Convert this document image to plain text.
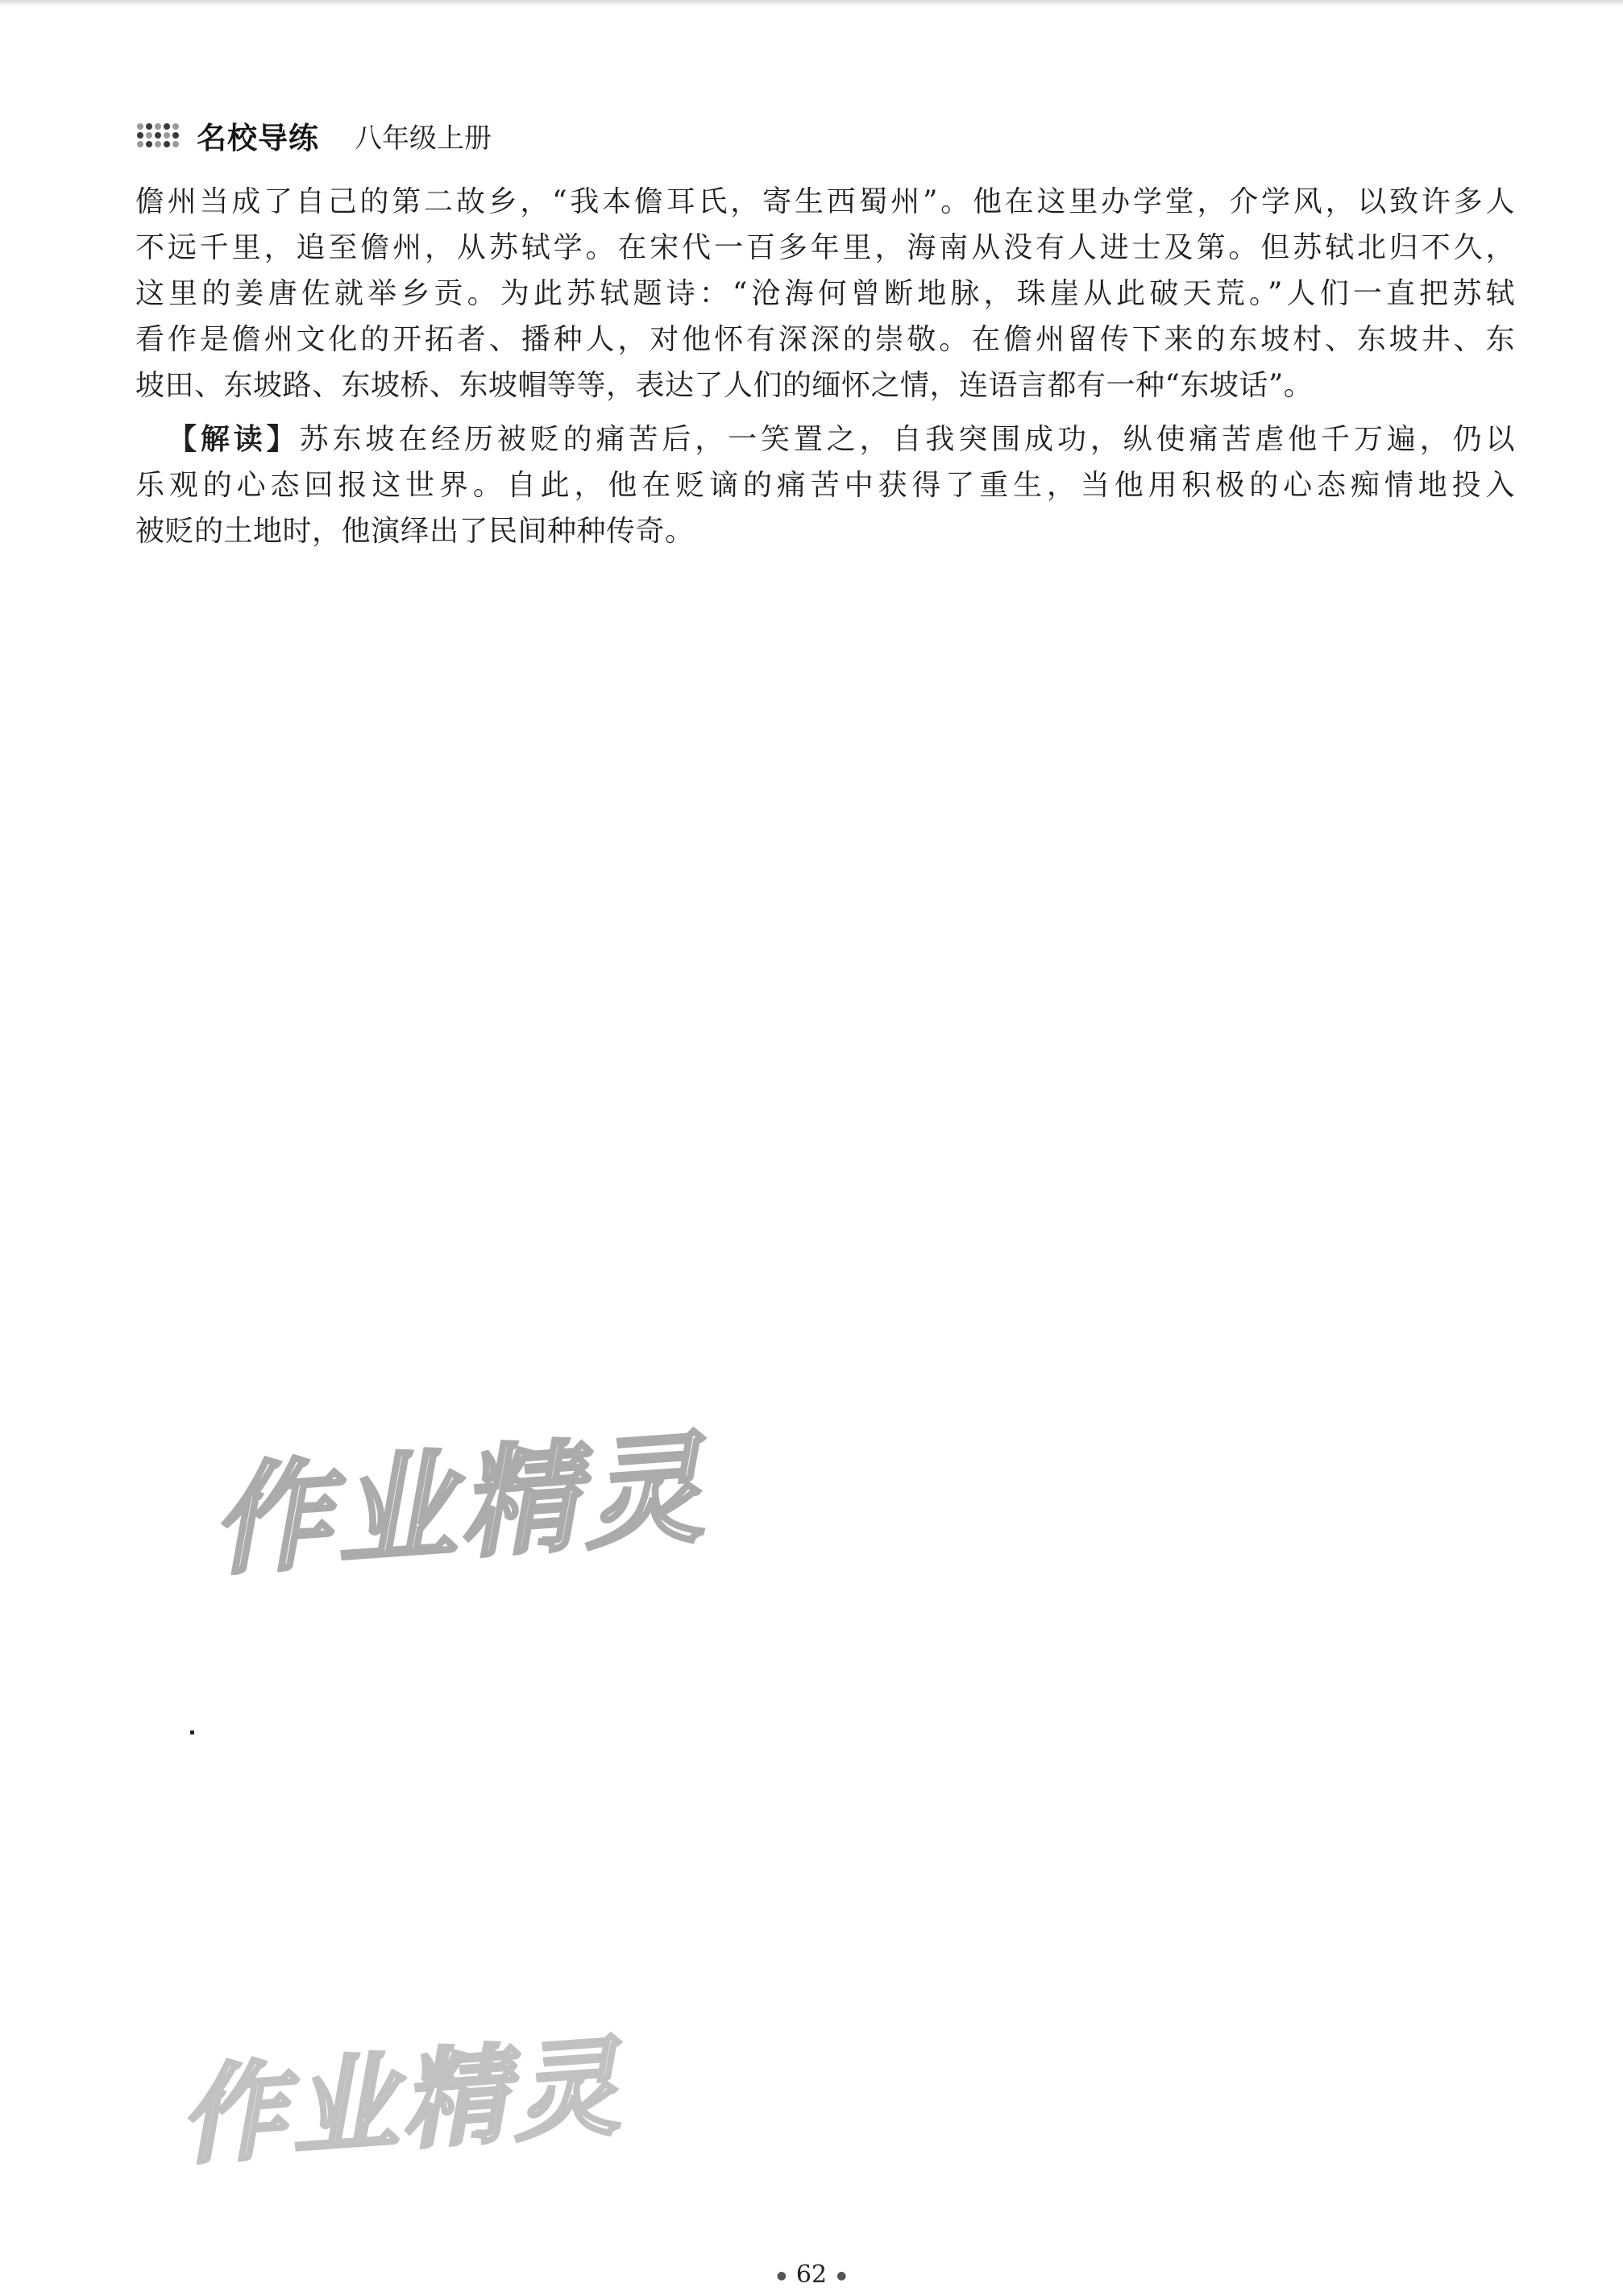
名校导练 八年级上册
儋州当成了自己的第二故乡，“我本儋耳氏，寄生西蜀州”。他在这里办学堂，介学风，以致许多人
不远千里，追至儋州，从苏轼学。在宋代一百多年里，海南从没有人进士及第。但苏轼北归不久，
这里的姜唐佐就举乡贡。为此苏轼题诗：“沧海何曾断地脉，珠崖从此破天荒。”人们一直把苏轼
看作是儋州文化的开拓者、播种人，对他怀有深深的崇敬。在儋州留传下来的东坡村、东坡井、东
坡田、东坡路、东坡桥、东坡帽等等，表达了人们的缅怀之情，连语言都有一种“东坡话”。
【解读】苏东坡在经历被贬的痛苦后，一笑置之，自我突围成功，纵使痛苦虐他千万遍，仍以
乐观的心态回报这世界。自此，他在贬谪的痛苦中获得了重生，当他用积极的心态痴情地投入
被贬的土地时，他演绎出了民间种种传奇。
作业精灵
作业精灵
● 62 ●
